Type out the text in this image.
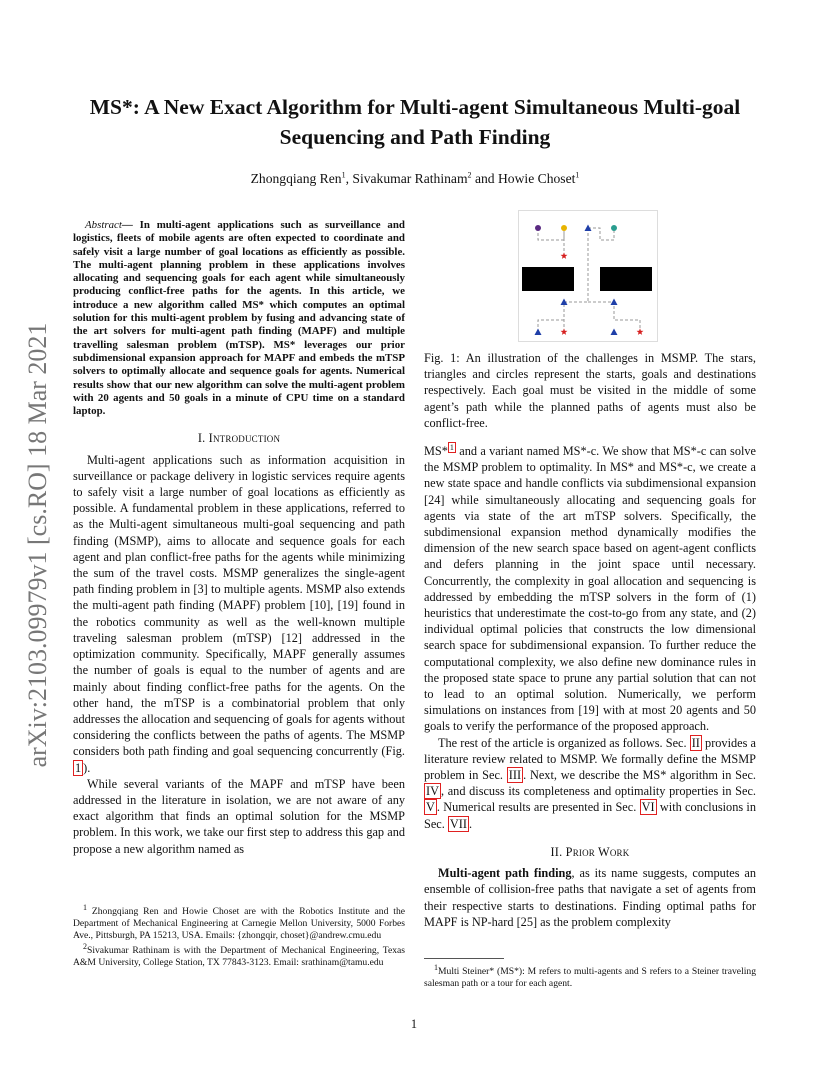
MS*: A New Exact Algorithm for Multi-agent Simultaneous Multi-goal Sequencing and Path Finding
Zhongqiang Ren$^1$, Sivakumar Rathinam$^2$ and Howie Choset$^1$
arXiv:2103.09979v1 [cs.RO] 18 Mar 2021

Abstract— In multi-agent applications such as surveillance and logistics, fleets of mobile agents are often expected to coordinate and safely visit a large number of goal locations as efficiently as possible. The multi-agent planning problem in these applications involves allocating and sequencing goals for each agent while simultaneously producing conflict-free paths for the agents. In this article, we introduce a new algorithm called MS* which computes an optimal solution for this multi-agent problem by fusing and advancing state of the art solvers for multi-agent path finding (MAPF) and multiple travelling salesman problem (mTSP). MS* leverages our prior subdimensional expansion approach for MAPF and embeds the mTSP solvers to optimally allocate and sequence goals for agents. Numerical results show that our new algorithm can solve the multi-agent problem with 20 agents and 50 goals in a minute of CPU time on a standard laptop.

I. Introduction

Multi-agent applications such as information acquisition in surveillance or package delivery in logistic services require agents to safely visit a large number of goal locations as efficiently as possible. A fundamental problem in these applications, referred to as the Multi-agent simultaneous multi-goal sequencing and path finding (MSMP), aims to allocate and sequence goals for each agent and plan conflict-free paths for the agents while minimizing the sum of the travel costs. MSMP generalizes the single-agent path finding problem in [3] to multiple agents. MSMP also extends the multi-agent path finding (MAPF) problem [10], [19] found in the robotics community as well as the well-known multiple traveling salesman problem (mTSP) [12] addressed in the optimization community. Specifically, MAPF generally assumes the number of goals is equal to the number of agents and are mainly about finding conflict-free paths for the agents. On the other hand, the mTSP is a combinatorial problem that only addresses the allocation and sequencing of goals for agents without considering the conflicts between the paths of agents. The MSMP considers both path finding and goal sequencing concurrently (Fig. 1 ).

While several variants of the MAPF and mTSP have been addressed in the literature in isolation, we are not aware of any exact algorithm that finds an optimal solution for the MSMP problem. In this work, we take our first step to address this gap and propose a new algorithm named as

$^1$ Zhongqiang Ren and Howie Choset are with the Robotics Institute and the Department of Mechanical Engineering at Carnegie Mellon University, 5000 Forbes Ave., Pittsburgh, PA 15213, USA. Emails: {zhongqir, choset}@andrew.cmu.edu

$^2$Sivakumar Rathinam is with the Department of Mechanical Engineering, Texas A&M University, College Station, TX 77843-3123. Email: srathinam@tamu.edu

Fig. 1: An illustration of the challenges in MSMP. The stars, triangles and circles represent the starts, goals and destinations respectively. Each goal must be visited in the middle of some agent’s path while the planned paths of agents must also be conflict-free.

MS* $^1$ and a variant named MS*-c. We show that MS*-c can solve the MSMP problem to optimality. In MS* and MS*-c, we create a new state space and handle conflicts via subdimensional expansion [24] while simultaneously allocating and sequencing goals for agents via state of the art mTSP solvers. Specifically, the subdimensional expansion method dynamically modifies the dimension of the new search space based on agent-agent conflicts and defers planning in the joint space until necessary. Concurrently, the complexity in goal allocation and sequencing is addressed by embedding the mTSP solvers in the form of (1) heuristics that underestimate the cost-to-go from any state, and (2) individual optimal policies that constructs the low dimensional search space for subdimensional expansion. To further reduce the computational complexity, we also define new dominance rules in the proposed state space to prune any partial solution that can not to lead to an optimal solution. Numerically, we perform simulations on instances from [19] with at most 20 agents and 50 goals to verify the performance of the proposed approach.

The rest of the article is organized as follows. Sec. II provides a literature review related to MSMP. We formally define the MSMP problem in Sec. III . Next, we describe the MS* algorithm in Sec. IV , and discuss its completeness and optimality properties in Sec. V . Numerical results are presented in Sec. VI with conclusions in Sec. VII .

II. Prior Work

Multi-agent path finding, as its name suggests, computes an ensemble of collision-free paths that navigate a set of agents from their respective starts to destinations. Finding optimal paths for MAPF is NP-hard [25] as the problem complexity

$^1$Multi Steiner* (MS*): M refers to multi-agents and S refers to a Steiner traveling salesman path or a tour for each agent.

1
